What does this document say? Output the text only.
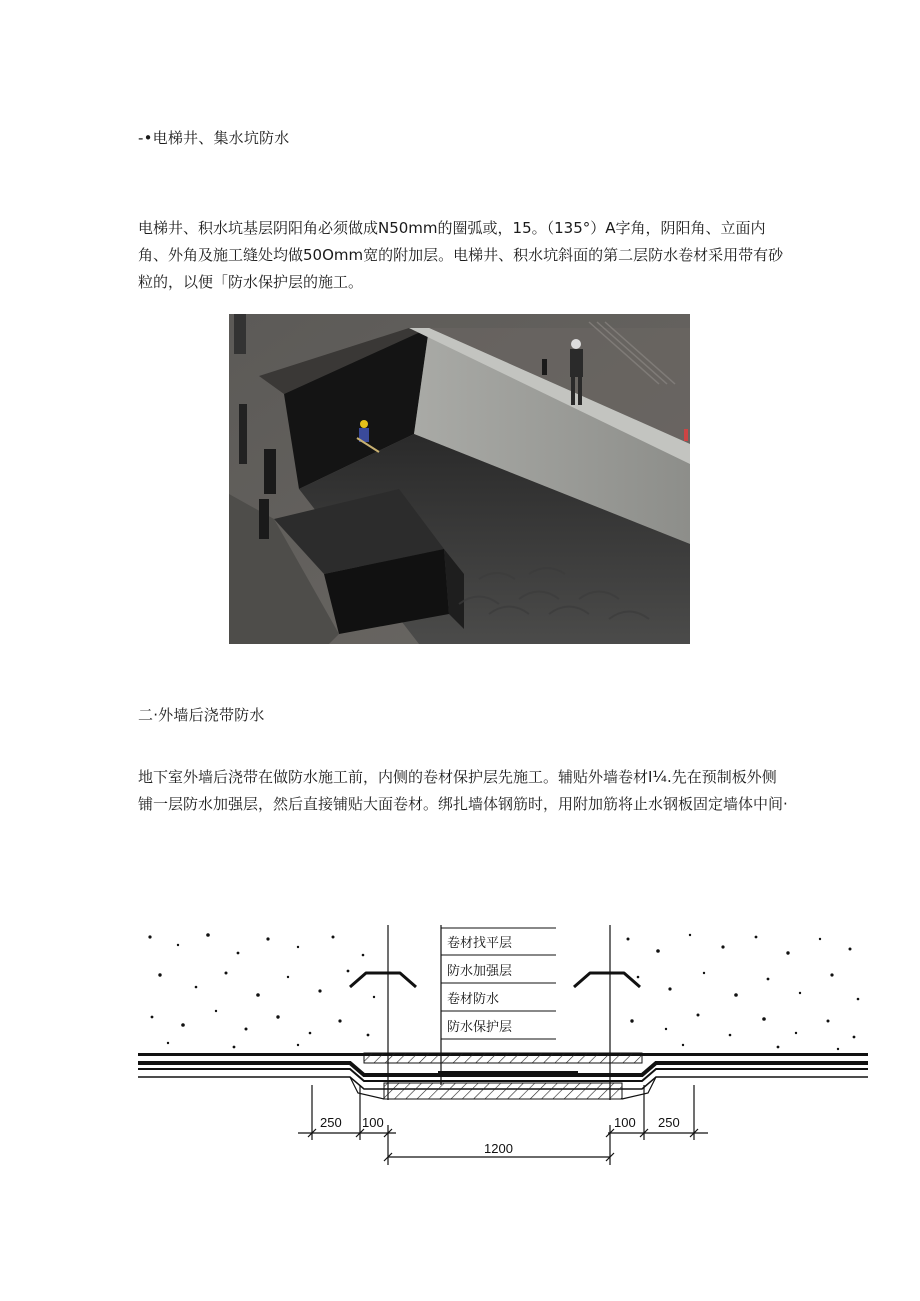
-•电梯井、集水坑防水

电梯井、积水坑基层阴阳角必须做成N50mm的圈弧或，15。（135°）A字角，阴阳角、立面内角、外角及施工缝处均做50Omm宽的附加层。电梯井、积水坑斜面的第二层防水卷材采用带有砂粒的，以便「防水保护层的施工。

二·外墙后浇带防水

地下室外墙后浇带在做防水施工前，内侧的卷材保护层先施工。辅贴外墙卷材I¼.先在预制板外侧铺一层防水加强层，然后直接铺贴大面卷材。绑扎墙体钢筋时，用附加筋将止水钢板固定墙体中间·

卷材找平层
防水加强层
卷材防水
防水保护层
250 100
1200
100 250
